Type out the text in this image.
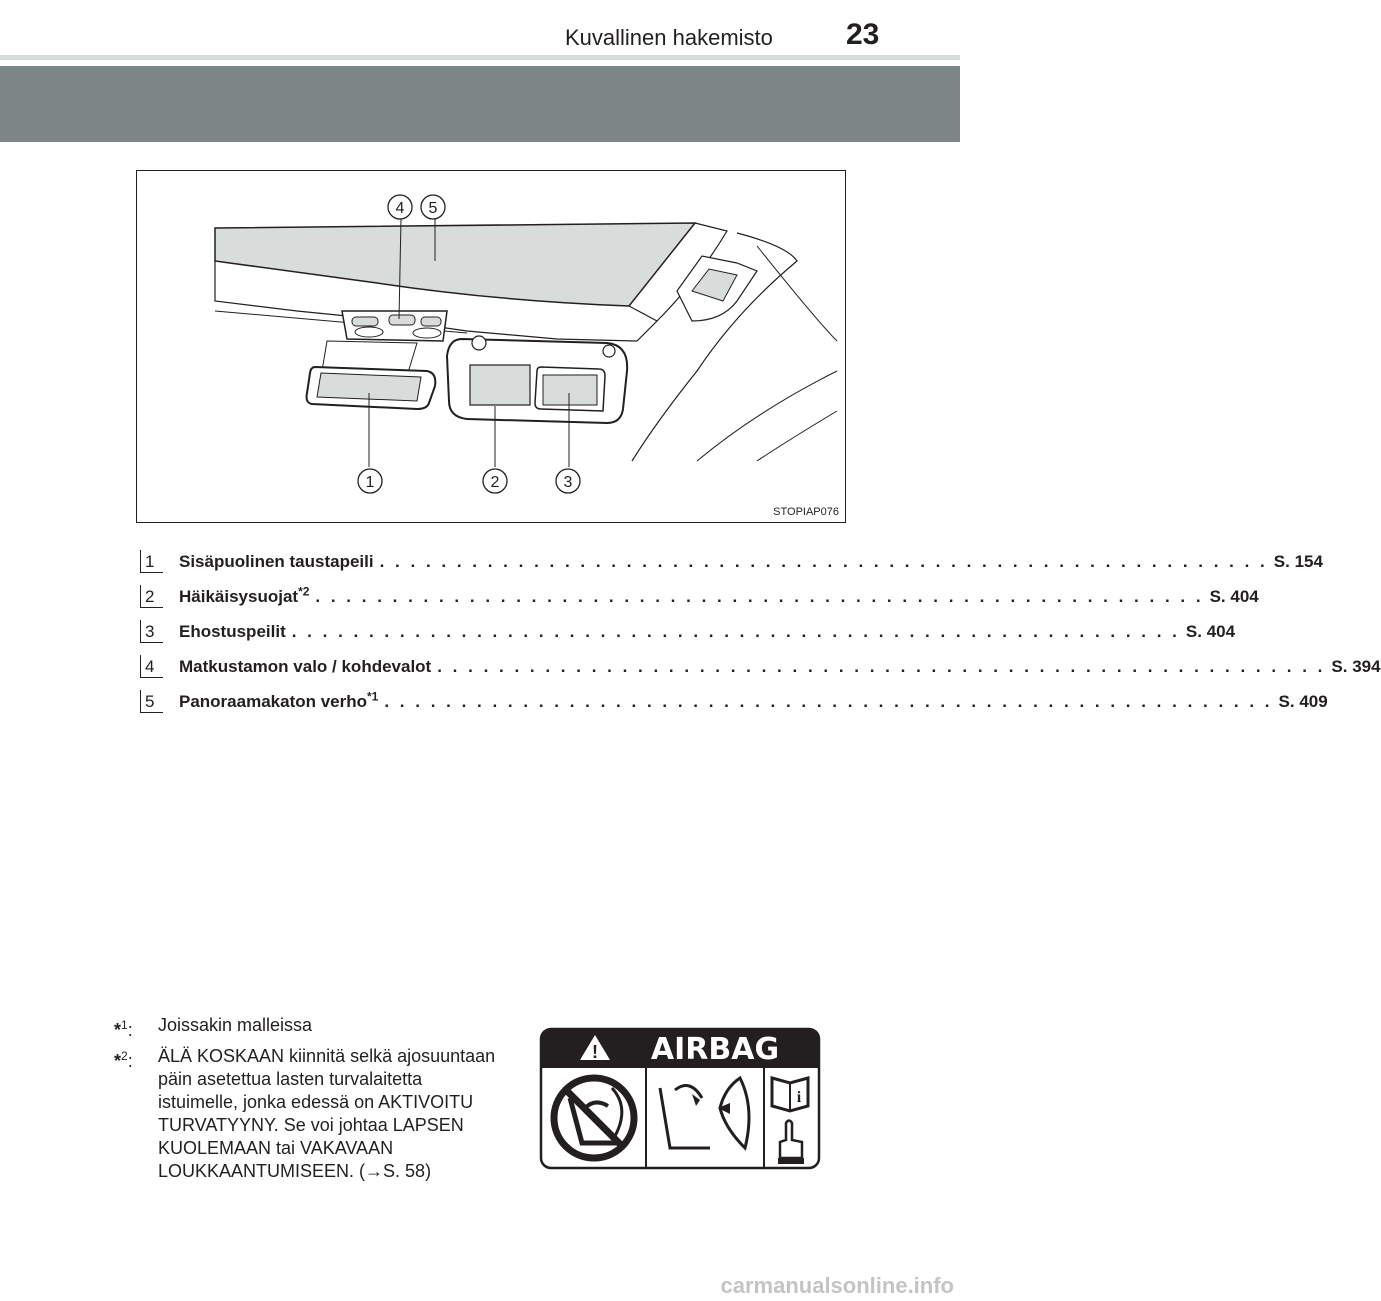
Kuvallinen hakemisto 23
4 5
1	2	3
STOPIAP076
1 Sisäpuolinen taustapeili . . . . . . . . . . . . . . . . . . . . . . . . . . . . . . . . . . . . . . . . . . . . . . . . . . . . . . . . . . S. 154
2 Häikäisysuojat$^{*2}$ . . . . . . . . . . . . . . . . . . . . . . . . . . . . . . . . . . . . . . . . . . . . . . . . . . . . . . . . . . S. 404
3 Ehostuspeilit . . . . . . . . . . . . . . . . . . . . . . . . . . . . . . . . . . . . . . . . . . . . . . . . . . . . . . . . . . S. 404
4 Matkustamon valo / kohdevalot . . . . . . . . . . . . . . . . . . . . . . . . . . . . . . . . . . . . . . . . . . . . . . . . . . . . . . . . . . S. 394
5 Panoraamakaton verho$^{*1}$ . . . . . . . . . . . . . . . . . . . . . . . . . . . . . . . . . . . . . . . . . . . . . . . . . . . . . . . . . . S. 409
*$^1$:	Joissakin malleissa
*$^2$:	ÄLÄ KOSKAAN kiinnitä selkä ajosuuntaan päin asetettua lasten turvalaitetta istuimelle, jonka edessä on AKTIVOITU TURVATYYNY. Se voi johtaa LAPSEN KUOLEMAAN tai VAKAVAAN LOUKKAANTUMISEEN. (→S. 58)
! AIRBAG
i
carmanualsonline.info
